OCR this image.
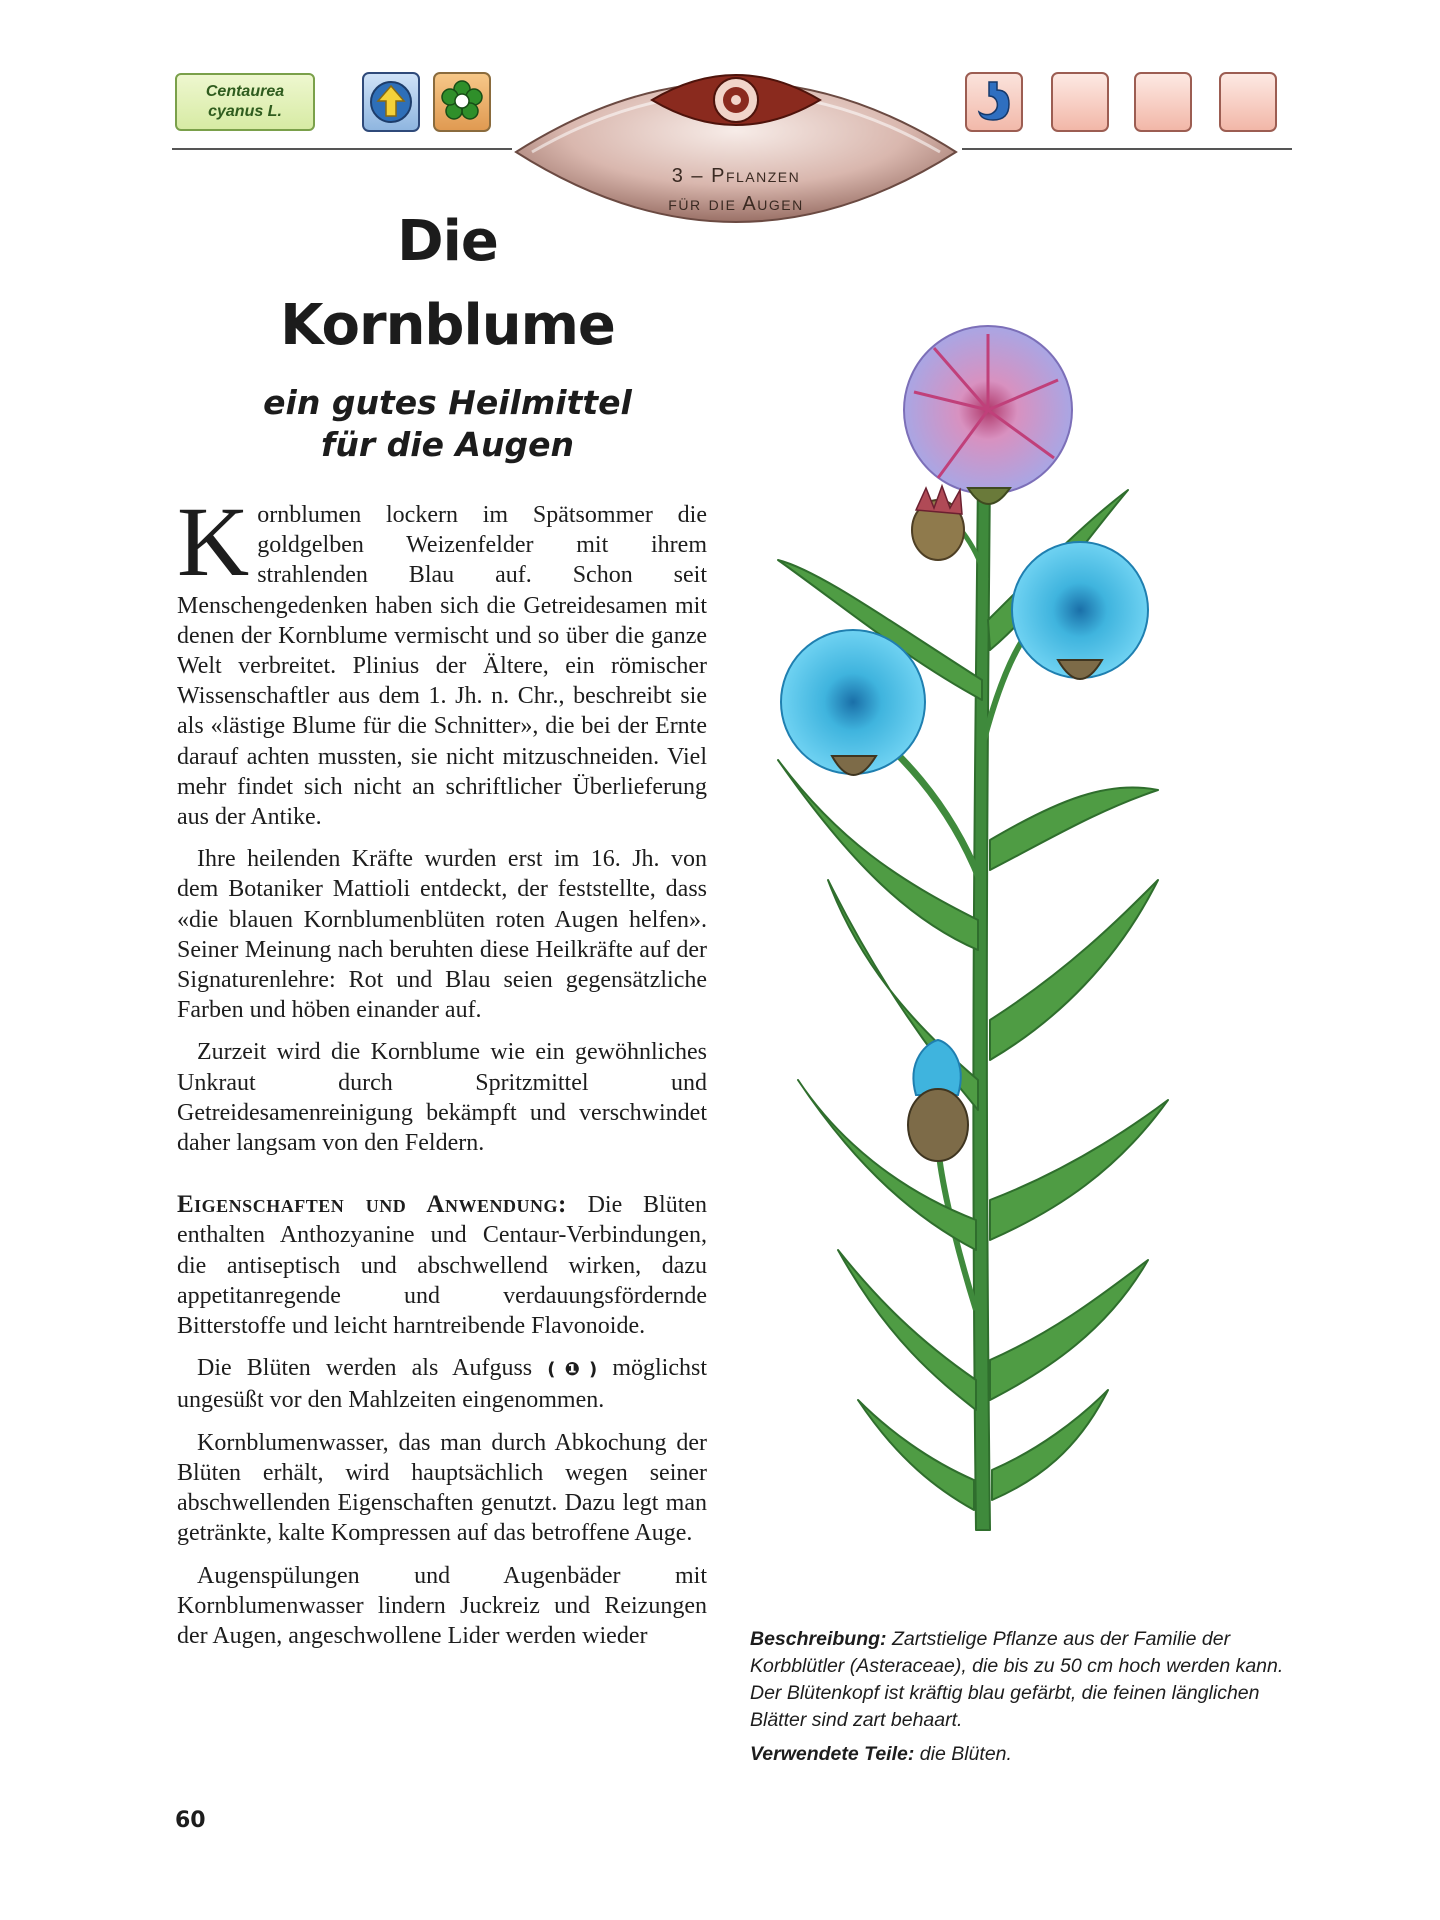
Centaurea
cyanus L.
3 – Pflanzen
für die Augen
Die
Kornblume
ein gutes Heilmittel
für die Augen

Kornblumen lockern im Spätsommer die goldgelben Weizenfelder mit ihrem strahlenden Blau auf. Schon seit Menschengedenken haben sich die Getreidesamen mit denen der Kornblume vermischt und so über die ganze Welt verbreitet. Plinius der Ältere, ein römischer Wissenschaftler aus dem 1. Jh. n. Chr., beschreibt sie als «lästige Blume für die Schnitter», die bei der Ernte darauf achten mussten, sie nicht mitzuschneiden. Viel mehr findet sich nicht an schriftlicher Überlieferung aus der Antike.

Ihre heilenden Kräfte wurden erst im 16. Jh. von dem Botaniker Mattioli entdeckt, der feststellte, dass «die blauen Kornblumenblüten roten Augen helfen». Seiner Meinung nach beruhten diese Heilkräfte auf der Signaturenlehre: Rot und Blau seien gegensätzliche Farben und höben einander auf.

Zurzeit wird die Kornblume wie ein gewöhnliches Unkraut durch Spritzmittel und Getreidesamenreinigung bekämpft und verschwindet daher langsam von den Feldern.

Eigenschaften und Anwendung: Die Blüten enthalten Anthozyanine und Centaur-Verbindungen, die antiseptisch und abschwellend wirken, dazu appetitanregende und verdauungsfördernde Bitterstoffe und leicht harntreibende Flavonoide.

Die Blüten werden als Aufguss (❶) möglichst ungesüßt vor den Mahlzeiten eingenommen.

Kornblumenwasser, das man durch Abkochung der Blüten erhält, wird hauptsächlich wegen seiner abschwellenden Eigenschaften genutzt. Dazu legt man getränkte, kalte Kompressen auf das betroffene Auge.

Augenspülungen und Augenbäder mit Kornblumenwasser lindern Juckreiz und Reizungen der Augen, angeschwollene Lider werden wieder	Beschreibung: Zartstielige Pflanze aus der Familie der Korbblütler (Asteraceae), die bis zu 50 cm hoch werden kann. Der Blütenkopf ist kräftig blau gefärbt, die feinen länglichen Blätter sind zart behaart.

Verwendete Teile: die Blüten.

60
